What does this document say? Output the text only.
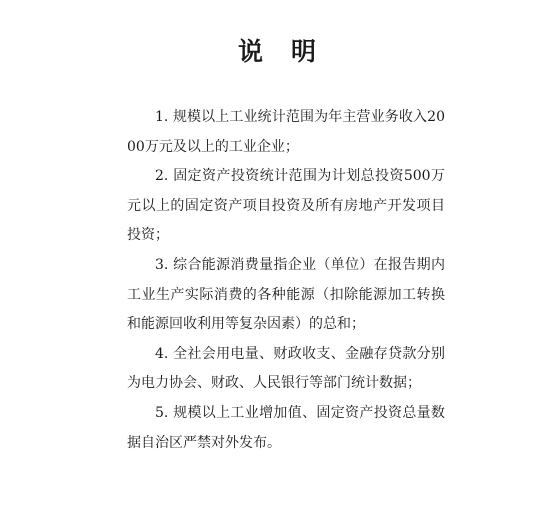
说明
1. 规模以上工业统计范围为年主营业务收入2000万元及以上的工业企业；
2. 固定资产投资统计范围为计划总投资500万元以上的固定资产项目投资及所有房地产开发项目投资；
3. 综合能源消费量指企业（单位）在报告期内工业生产实际消费的各种能源（扣除能源加工转换和能源回收利用等复杂因素）的总和；
4. 全社会用电量、财政收支、金融存贷款分别为电力协会、财政、人民银行等部门统计数据；
5. 规模以上工业增加值、固定资产投资总量数据自治区严禁对外发布。
